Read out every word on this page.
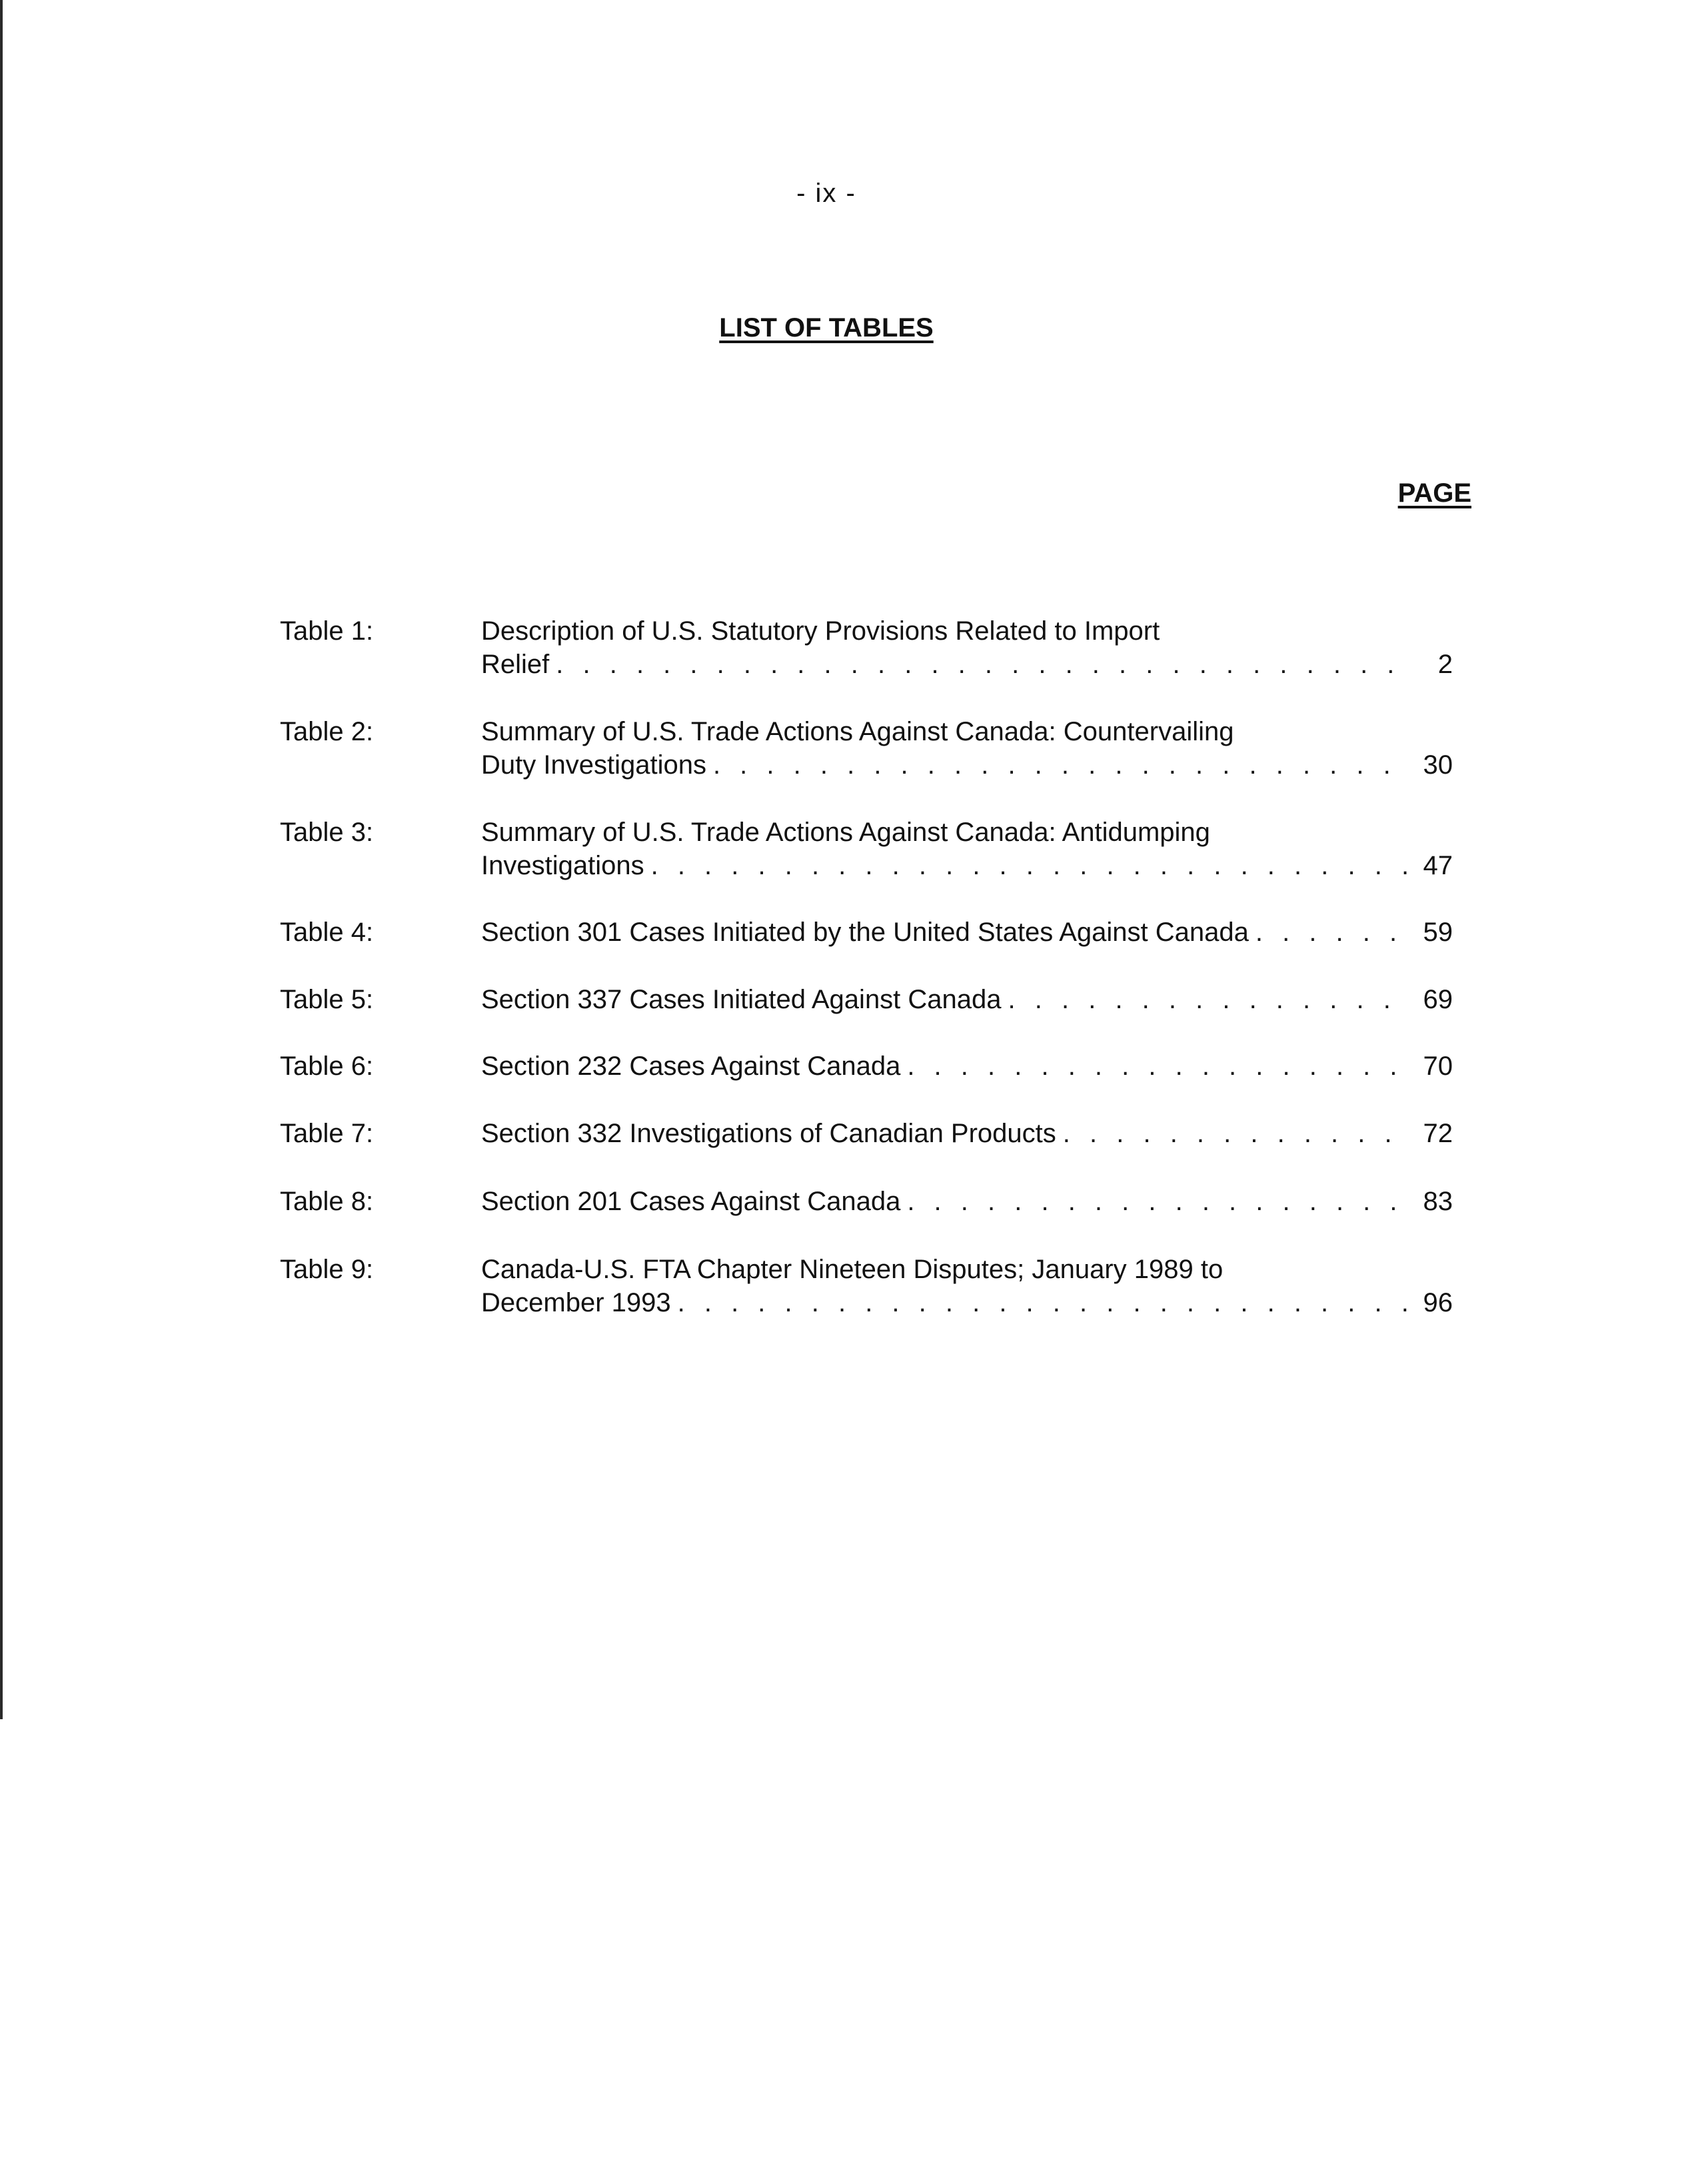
- ix -
LIST OF TABLES
PAGE
Table 1:	Description of U.S. Statutory Provisions Related to Import
Relief . . .	2
Table 2:	Summary of U.S. Trade Actions Against Canada: Countervailing
Duty Investigations . . .	30
Table 3:	Summary of U.S. Trade Actions Against Canada: Antidumping
Investigations . . .	47
Table 4:	Section 301 Cases Initiated by the United States Against Canada . . .	59
Table 5:	Section 337 Cases Initiated Against Canada . . .	69
Table 6:	Section 232 Cases Against Canada . . .	70
Table 7:	Section 332 Investigations of Canadian Products . . .	72
Table 8:	Section 201 Cases Against Canada . . .	83
Table 9:	Canada-U.S. FTA Chapter Nineteen Disputes; January 1989 to
December 1993 . . .	96
